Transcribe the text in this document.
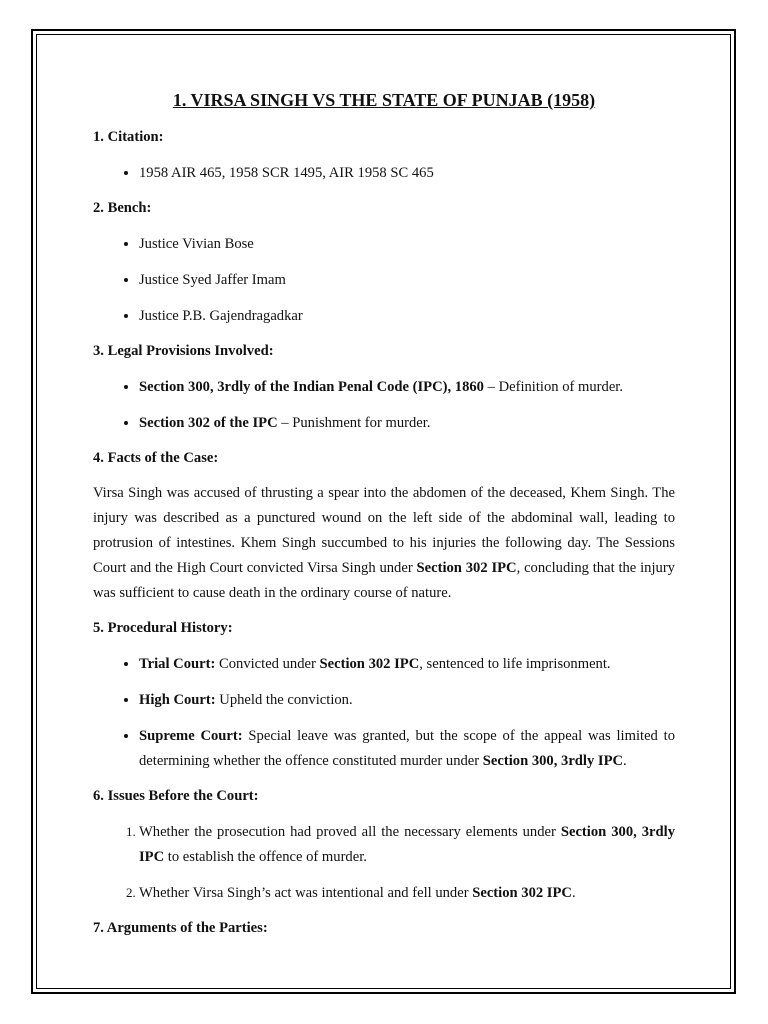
1. VIRSA SINGH VS THE STATE OF PUNJAB (1958)
1. Citation:
• 1958 AIR 465, 1958 SCR 1495, AIR 1958 SC 465
2. Bench:
• Justice Vivian Bose
• Justice Syed Jaffer Imam
• Justice P.B. Gajendragadkar
3. Legal Provisions Involved:
• Section 300, 3rdly of the Indian Penal Code (IPC), 1860 – Definition of murder.
• Section 302 of the IPC – Punishment for murder.
4. Facts of the Case:
Virsa Singh was accused of thrusting a spear into the abdomen of the deceased, Khem Singh. The injury was described as a punctured wound on the left side of the abdominal wall, leading to protrusion of intestines. Khem Singh succumbed to his injuries the following day. The Sessions Court and the High Court convicted Virsa Singh under Section 302 IPC, concluding that the injury was sufficient to cause death in the ordinary course of nature.
5. Procedural History:
• Trial Court: Convicted under Section 302 IPC, sentenced to life imprisonment.
• High Court: Upheld the conviction.
• Supreme Court: Special leave was granted, but the scope of the appeal was limited to determining whether the offence constituted murder under Section 300, 3rdly IPC.
6. Issues Before the Court:
1. Whether the prosecution had proved all the necessary elements under Section 300, 3rdly IPC to establish the offence of murder.
2. Whether Virsa Singh’s act was intentional and fell under Section 302 IPC.
7. Arguments of the Parties:
